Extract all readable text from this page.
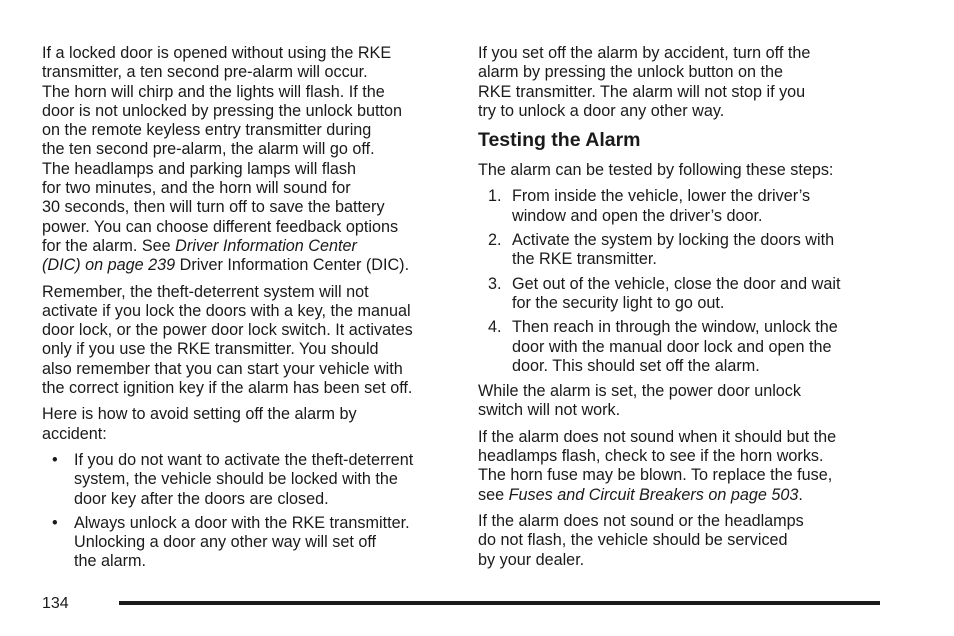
If a locked door is opened without using the RKE
transmitter, a ten second pre-alarm will occur.
The horn will chirp and the lights will flash. If the
door is not unlocked by pressing the unlock button
on the remote keyless entry transmitter during
the ten second pre-alarm, the alarm will go off.
The headlamps and parking lamps will flash
for two minutes, and the horn will sound for
30 seconds, then will turn off to save the battery
power. You can choose different feedback options
for the alarm. See Driver Information Center
(DIC) on page 239 Driver Information Center (DIC).

Remember, the theft-deterrent system will not
activate if you lock the doors with a key, the manual
door lock, or the power door lock switch. It activates
only if you use the RKE transmitter. You should
also remember that you can start your vehicle with
the correct ignition key if the alarm has been set off.

Here is how to avoid setting off the alarm by
accident:

• If you do not want to activate the theft-deterrent
system, the vehicle should be locked with the
door key after the doors are closed.
• Always unlock a door with the RKE transmitter.
Unlocking a door any other way will set off
the alarm.

If you set off the alarm by accident, turn off the
alarm by pressing the unlock button on the
RKE transmitter. The alarm will not stop if you
try to unlock a door any other way.

Testing the Alarm

The alarm can be tested by following these steps:

1. From inside the vehicle, lower the driver’s
window and open the driver’s door.
2. Activate the system by locking the doors with
the RKE transmitter.
3. Get out of the vehicle, close the door and wait
for the security light to go out.
4. Then reach in through the window, unlock the
door with the manual door lock and open the
door. This should set off the alarm.

While the alarm is set, the power door unlock
switch will not work.

If the alarm does not sound when it should but the
headlamps flash, check to see if the horn works.
The horn fuse may be blown. To replace the fuse,
see Fuses and Circuit Breakers on page 503.

If the alarm does not sound or the headlamps
do not flash, the vehicle should be serviced
by your dealer.

134
